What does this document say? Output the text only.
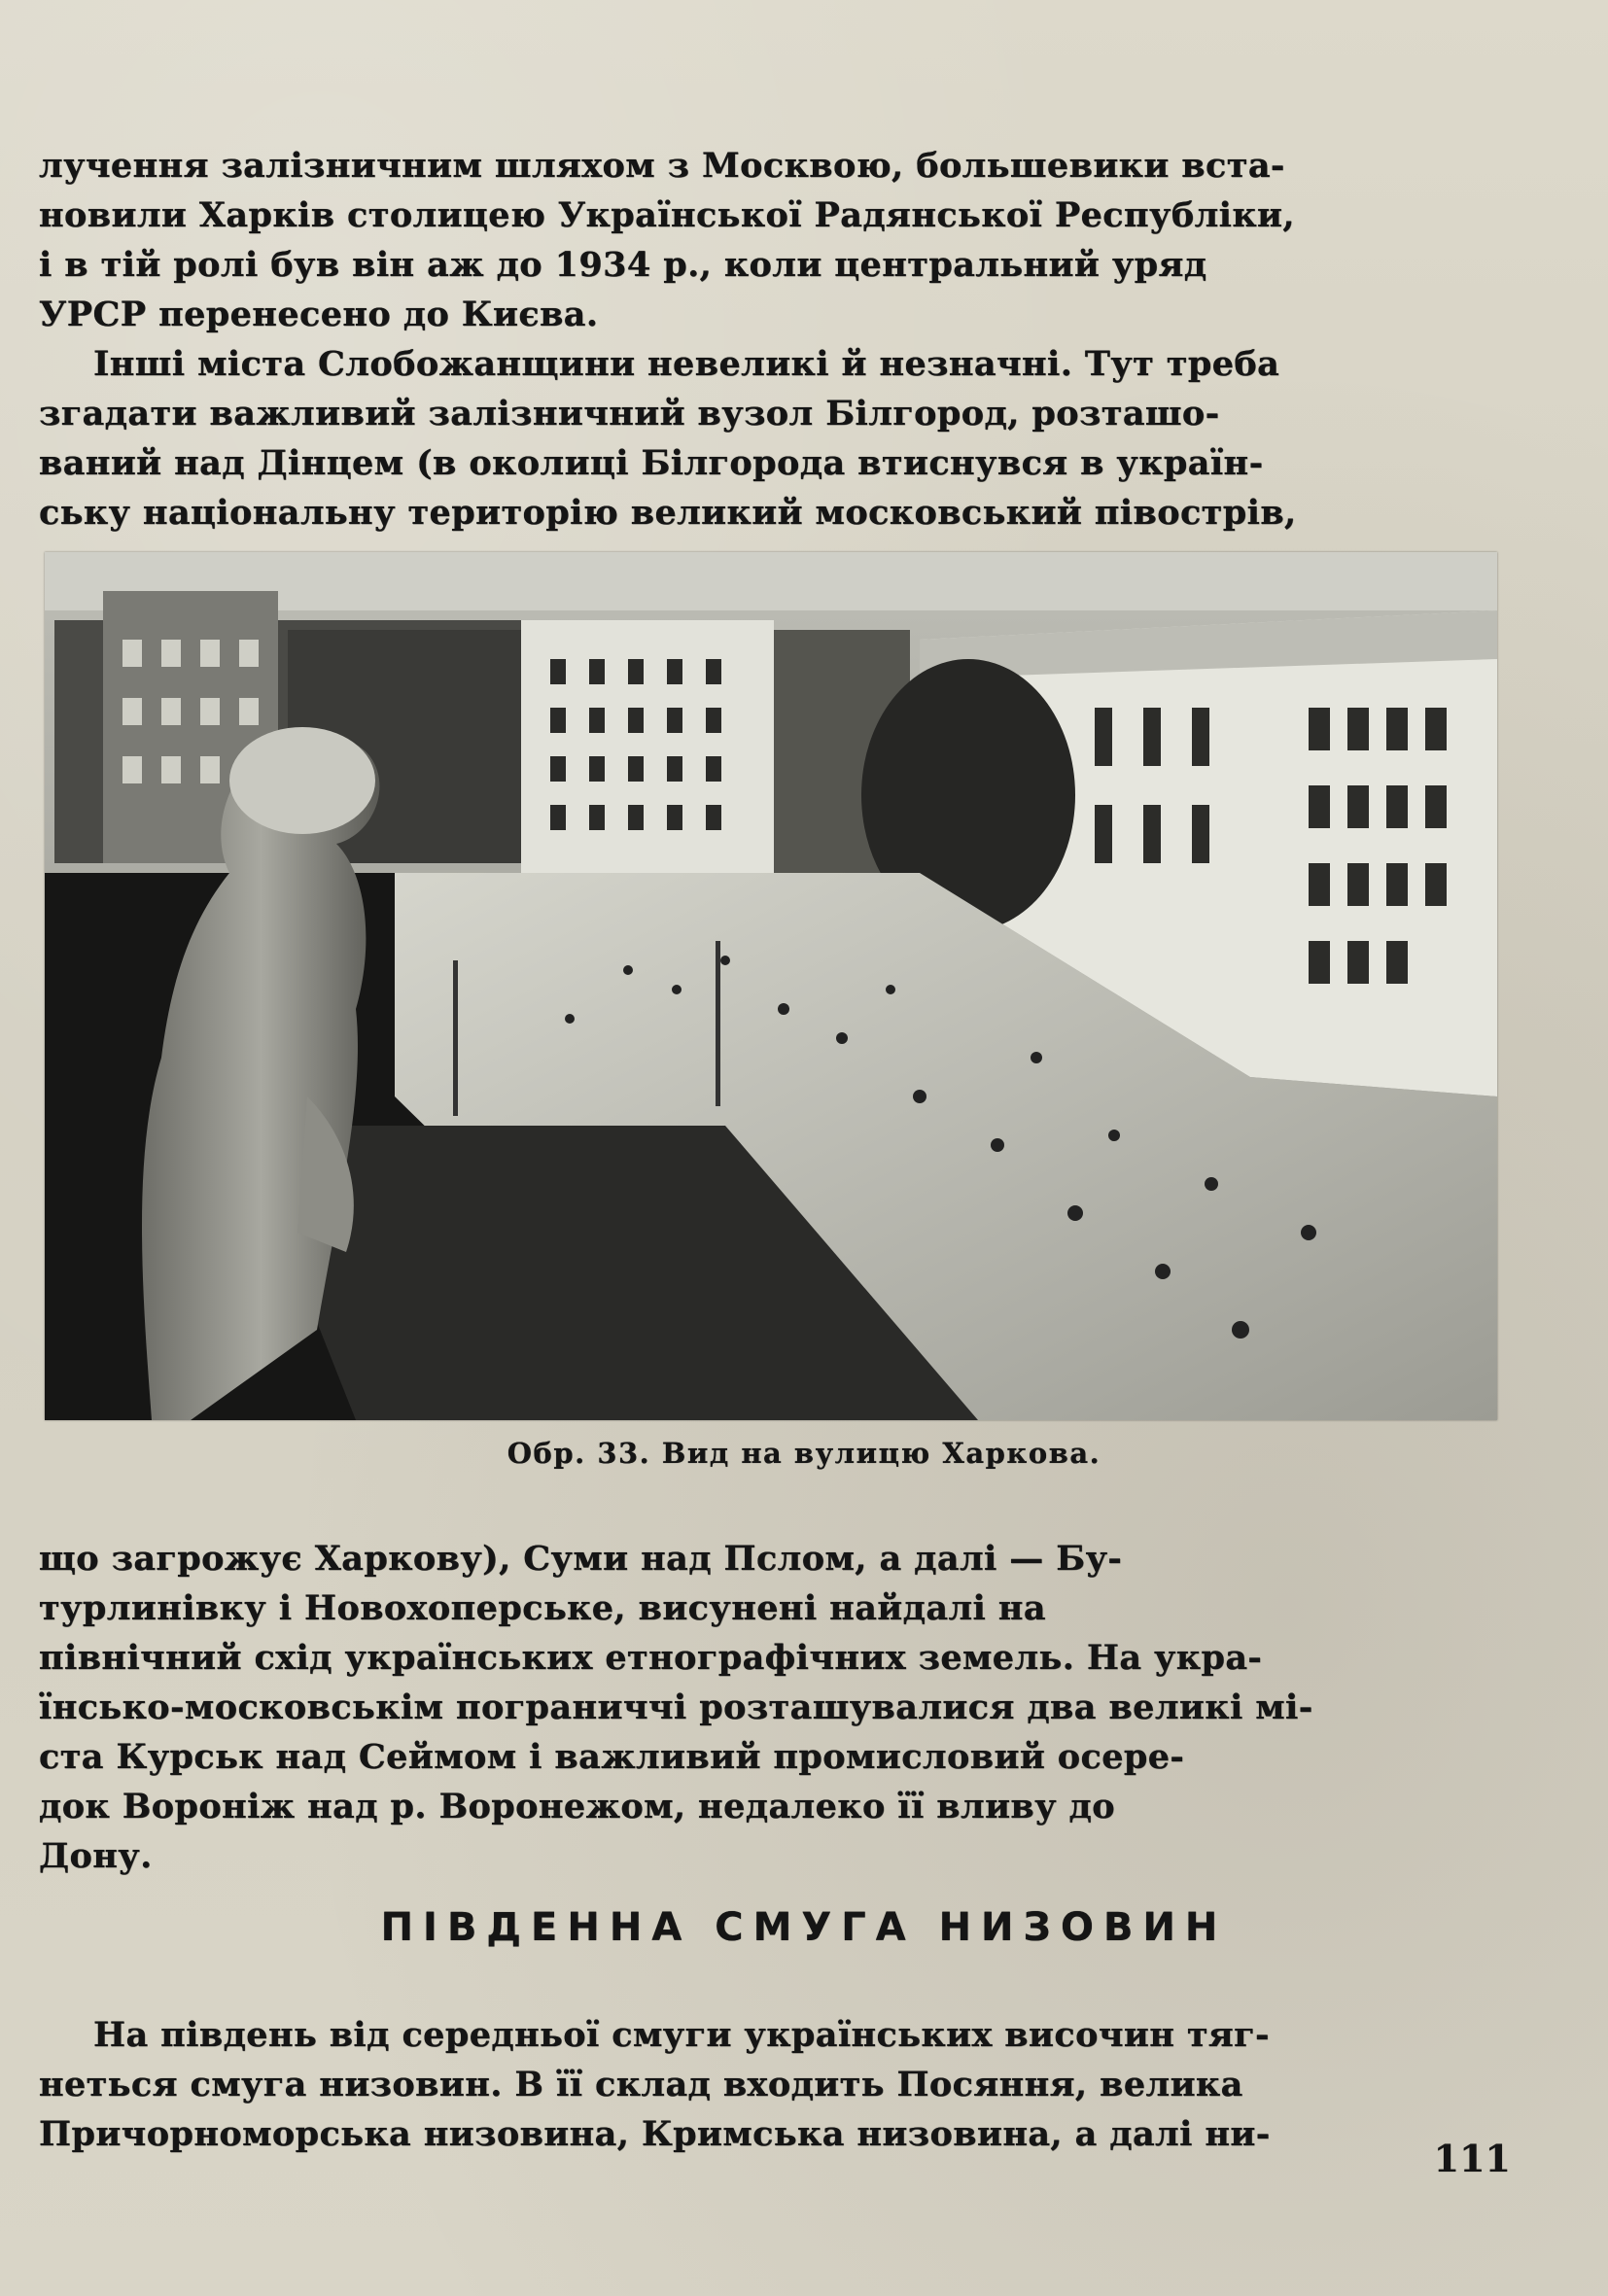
лучення залізничним шляхом з Москвою, большевики вста-
новили Харків столицею Української Радянської Республіки,
і в тій ролі був він аж до 1934 р., коли центральний уряд
УРСР перенесено до Києва.
Інші міста Слобожанщини невеликі й незначні. Тут треба
згадати важливий залізничний вузол Білгород, розташо-
ваний над Дінцем (в околиці Білгорода втиснувся в україн-
ську національну територію великий московський півострів,
Обр. 33. Вид на вулицю Харкова.
що загрожує Харкову), Суми над Пслом, а далі — Бу-
турлинівку і Новохоперське, висунені найдалі на
північний схід українських етнографічних земель. На укра-
їнсько-московськім пограниччі розташувалися два великі мі-
ста Курськ над Сеймом і важливий промисловий осере-
док Вороніж над р. Воронежом, недалеко її вливу до
Дону.
ПІВДЕННА СМУГА НИЗОВИН
На південь від середньої смуги українських височин тяг-
неться смуга низовин. В її склад входить Посяння, велика
Причорноморська низовина, Кримська низовина, а далі ни-
111
